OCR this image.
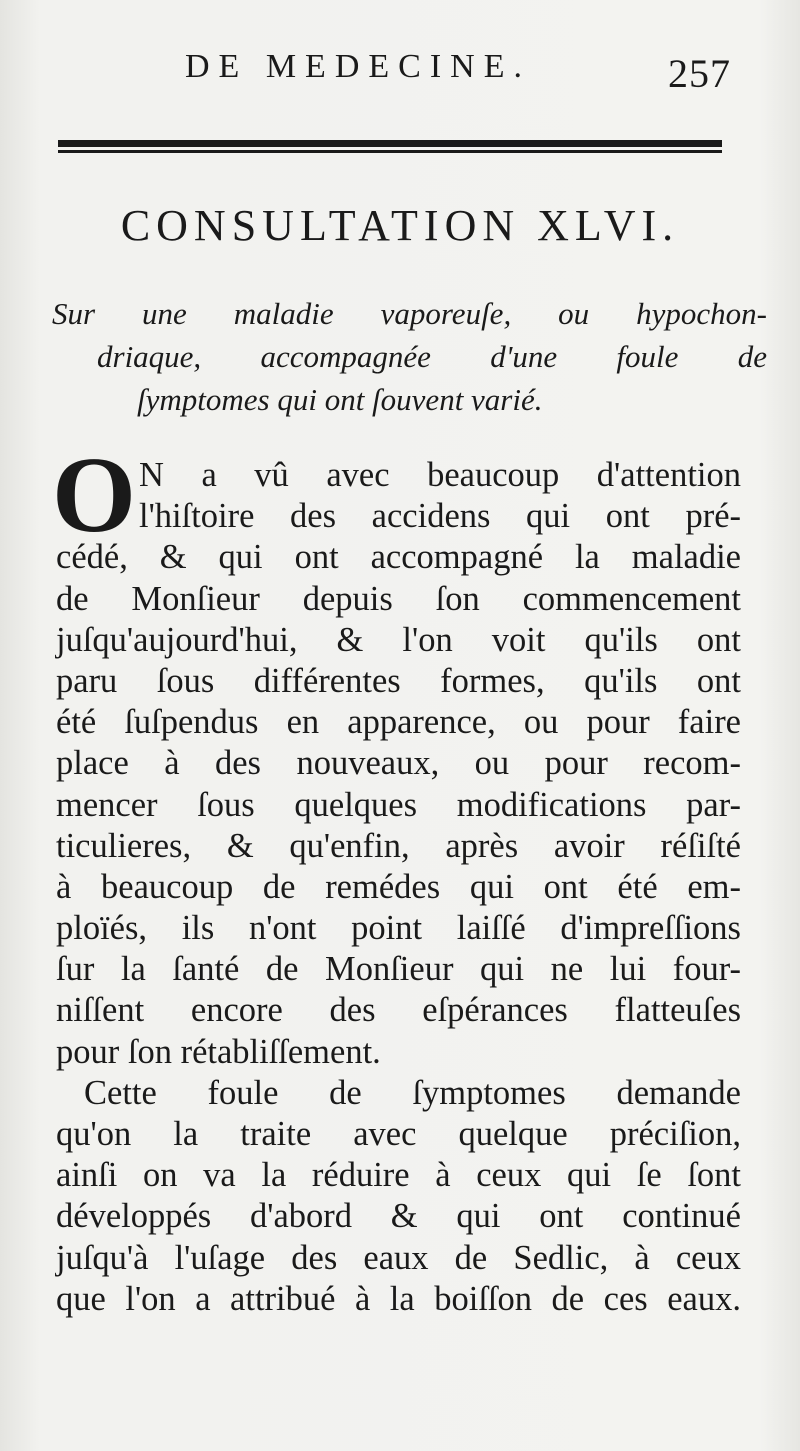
DE MEDECINE.	257
CONSULTATION XLVI.
Sur une maladie vaporeuſe, ou hypochon-
driaque, accompagnée d'une foule de
ſymptomes qui ont ſouvent varié.
O N a vû avec beaucoup d'attention
l'hiſtoire des accidens qui ont pré-
cédé, & qui ont accompagné la maladie
de Monſieur depuis ſon commencement
juſqu'aujourd'hui, & l'on voit qu'ils ont
paru ſous différentes formes, qu'ils ont
été ſuſpendus en apparence, ou pour faire
place à des nouveaux, ou pour recom-
mencer ſous quelques modifications par-
ticulieres, & qu'enfin, après avoir réſiſté
à beaucoup de remédes qui ont été em-
ploïés, ils n'ont point laiſſé d'impreſſions
ſur la ſanté de Monſieur qui ne lui four-
niſſent encore des eſpérances flatteuſes
pour ſon rétabliſſement.
Cette foule de ſymptomes demande
qu'on la traite avec quelque préciſion,
ainſi on va la réduire à ceux qui ſe ſont
développés d'abord & qui ont continué
juſqu'à l'uſage des eaux de Sedlic, à ceux
que l'on a attribué à la boiſſon de ces eaux.
